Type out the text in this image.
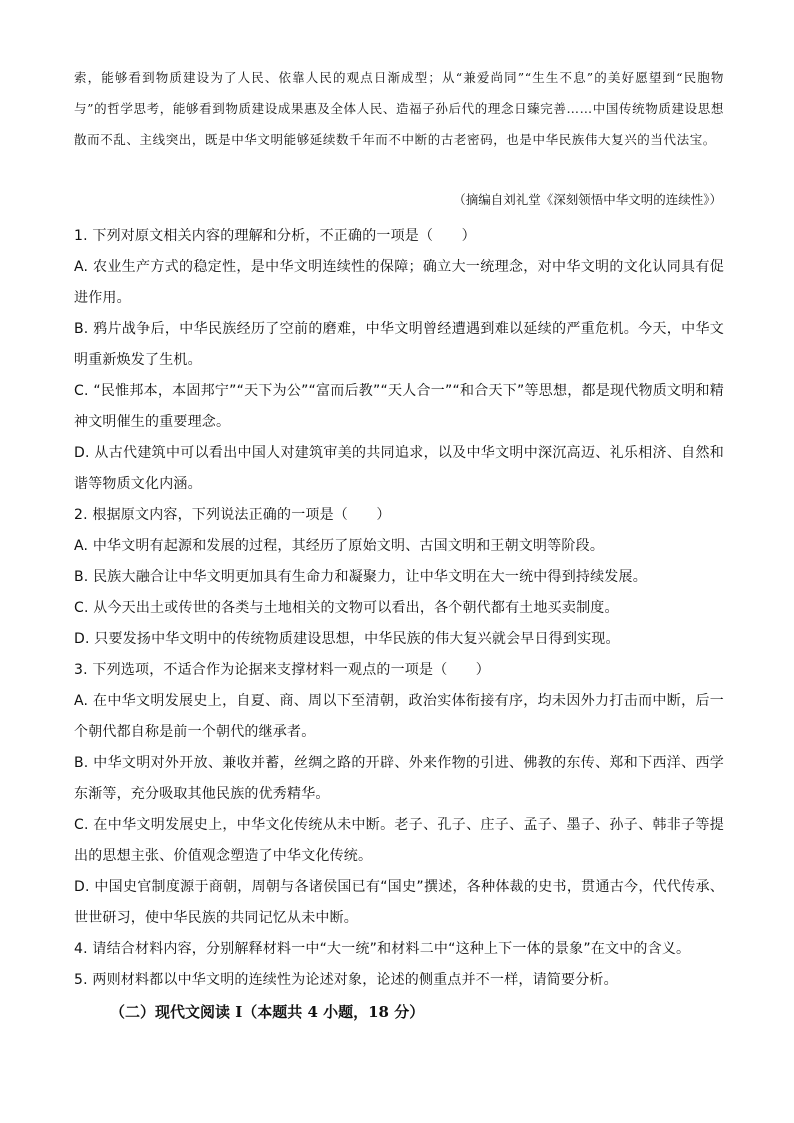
索，能够看到物质建设为了人民、依靠人民的观点日渐成型；从“兼爱尚同”“生生不息”的美好愿望到“民胞物与”的哲学思考，能够看到物质建设成果惠及全体人民、造福子孙后代的理念日臻完善……中国传统物质建设思想散而不乱、主线突出，既是中华文明能够延续数千年而不中断的古老密码，也是中华民族伟大复兴的当代法宝。

（摘编自刘礼堂《深刻领悟中华文明的连续性》）

1. 下列对原文相关内容的理解和分析，不正确的一项是（　　）

A. 农业生产方式的稳定性，是中华文明连续性的保障；确立大一统理念，对中华文明的文化认同具有促进作用。

B. 鸦片战争后，中华民族经历了空前的磨难，中华文明曾经遭遇到难以延续的严重危机。今天，中华文明重新焕发了生机。

C. “民惟邦本，本固邦宁”“天下为公”“富而后教”“天人合一”“和合天下”等思想，都是现代物质文明和精神文明催生的重要理念。

D. 从古代建筑中可以看出中国人对建筑审美的共同追求，以及中华文明中深沉高迈、礼乐相济、自然和谐等物质文化内涵。

2. 根据原文内容，下列说法正确的一项是（　　）

A. 中华文明有起源和发展的过程，其经历了原始文明、古国文明和王朝文明等阶段。

B. 民族大融合让中华文明更加具有生命力和凝聚力，让中华文明在大一统中得到持续发展。

C. 从今天出土或传世的各类与土地相关的文物可以看出，各个朝代都有土地买卖制度。

D. 只要发扬中华文明中的传统物质建设思想，中华民族的伟大复兴就会早日得到实现。

3. 下列选项，不适合作为论据来支撑材料一观点的一项是（　　）

A. 在中华文明发展史上，自夏、商、周以下至清朝，政治实体衔接有序，均未因外力打击而中断，后一个朝代都自称是前一个朝代的继承者。

B. 中华文明对外开放、兼收并蓄，丝绸之路的开辟、外来作物的引进、佛教的东传、郑和下西洋、西学东渐等，充分吸取其他民族的优秀精华。

C. 在中华文明发展史上，中华文化传统从未中断。老子、孔子、庄子、孟子、墨子、孙子、韩非子等提出的思想主张、价值观念塑造了中华文化传统。

D. 中国史官制度源于商朝，周朝与各诸侯国已有“国史”撰述，各种体裁的史书，贯通古今，代代传承、世世研习，使中华民族的共同记忆从未中断。

4. 请结合材料内容，分别解释材料一中“大一统”和材料二中“这种上下一体的景象”在文中的含义。

5. 两则材料都以中华文明的连续性为论述对象，论述的侧重点并不一样，请简要分析。

（二）现代文阅读 I（本题共 4 小题，18 分）
